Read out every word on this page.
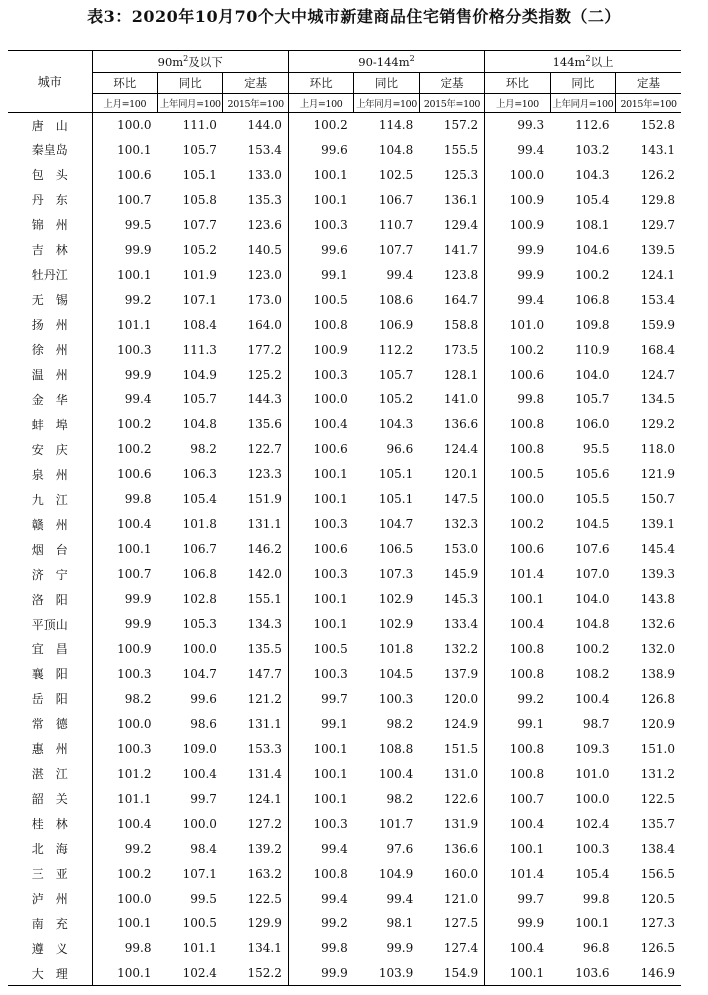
表3：2020年10月70个大中城市新建商品住宅销售价格分类指数（二）
城市	$90m^2$及以下			$90-144m^2$			$144m^2$以上		
	环比	同比	定基	环比	同比	定基	环比	同比	定基
	上月=100	上年同月=100	2015年=100	上月=100	上年同月=100	2015年=100	上月=100	上年同月=100	2015年=100
唐　山	100.0	111.0	144.0	100.2	114.8	157.2	99.3	112.6	152.8
秦皇岛	100.1	105.7	153.4	99.6	104.8	155.5	99.4	103.2	143.1
包　头	100.6	105.1	133.0	100.1	102.5	125.3	100.0	104.3	126.2
丹　东	100.7	105.8	135.3	100.1	106.7	136.1	100.9	105.4	129.8
锦　州	99.5	107.7	123.6	100.3	110.7	129.4	100.9	108.1	129.7
吉　林	99.9	105.2	140.5	99.6	107.7	141.7	99.9	104.6	139.5
牡丹江	100.1	101.9	123.0	99.1	99.4	123.8	99.9	100.2	124.1
无　锡	99.2	107.1	173.0	100.5	108.6	164.7	99.4	106.8	153.4
扬　州	101.1	108.4	164.0	100.8	106.9	158.8	101.0	109.8	159.9
徐　州	100.3	111.3	177.2	100.9	112.2	173.5	100.2	110.9	168.4
温　州	99.9	104.9	125.2	100.3	105.7	128.1	100.6	104.0	124.7
金　华	99.4	105.7	144.3	100.0	105.2	141.0	99.8	105.7	134.5
蚌　埠	100.2	104.8	135.6	100.4	104.3	136.6	100.8	106.0	129.2
安　庆	100.2	98.2	122.7	100.6	96.6	124.4	100.8	95.5	118.0
泉　州	100.6	106.3	123.3	100.1	105.1	120.1	100.5	105.6	121.9
九　江	99.8	105.4	151.9	100.1	105.1	147.5	100.0	105.5	150.7
赣　州	100.4	101.8	131.1	100.3	104.7	132.3	100.2	104.5	139.1
烟　台	100.1	106.7	146.2	100.6	106.5	153.0	100.6	107.6	145.4
济　宁	100.7	106.8	142.0	100.3	107.3	145.9	101.4	107.0	139.3
洛　阳	99.9	102.8	155.1	100.1	102.9	145.3	100.1	104.0	143.8
平顶山	99.9	105.3	134.3	100.1	102.9	133.4	100.4	104.8	132.6
宜　昌	100.9	100.0	135.5	100.5	101.8	132.2	100.8	100.2	132.0
襄　阳	100.3	104.7	147.7	100.3	104.5	137.9	100.8	108.2	138.9
岳　阳	98.2	99.6	121.2	99.7	100.3	120.0	99.2	100.4	126.8
常　德	100.0	98.6	131.1	99.1	98.2	124.9	99.1	98.7	120.9
惠　州	100.3	109.0	153.3	100.1	108.8	151.5	100.8	109.3	151.0
湛　江	101.2	100.4	131.4	100.1	100.4	131.0	100.8	101.0	131.2
韶　关	101.1	99.7	124.1	100.1	98.2	122.6	100.7	100.0	122.5
桂　林	100.4	100.0	127.2	100.3	101.7	131.9	100.4	102.4	135.7
北　海	99.2	98.4	139.2	99.4	97.6	136.6	100.1	100.3	138.4
三　亚	100.2	107.1	163.2	100.8	104.9	160.0	101.4	105.4	156.5
泸　州	100.0	99.5	122.5	99.4	99.4	121.0	99.7	99.8	120.5
南　充	100.1	100.5	129.9	99.2	98.1	127.5	99.9	100.1	127.3
遵　义	99.8	101.1	134.1	99.8	99.9	127.4	100.4	96.8	126.5
大　理	100.1	102.4	152.2	99.9	103.9	154.9	100.1	103.6	146.9
